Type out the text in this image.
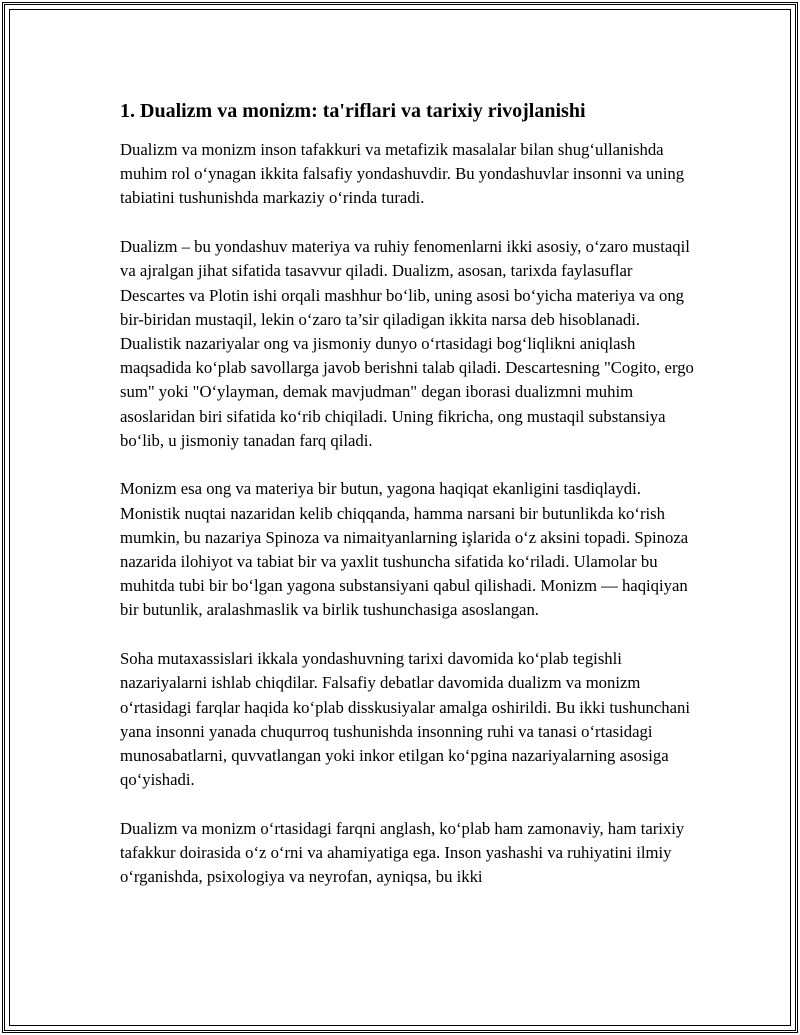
1. Dualizm va monizm: ta'riflari va tarixiy rivojlanishi

Dualizm va monizm inson tafakkuri va metafizik masalalar bilan shug‘ullanishda muhim rol o‘ynagan ikkita falsafiy yondashuvdir. Bu yondashuvlar insonni va uning tabiatini tushunishda markaziy o‘rinda turadi.

Dualizm – bu yondashuv materiya va ruhiy fenomenlarni ikki asosiy, o‘zaro mustaqil va ajralgan jihat sifatida tasavvur qiladi. Dualizm, asosan, tarixda faylasuflar Descartes va Plotin ishi orqali mashhur bo‘lib, uning asosi bo‘yicha materiya va ong bir-biridan mustaqil, lekin o‘zaro ta’sir qiladigan ikkita narsa deb hisoblanadi. Dualistik nazariyalar ong va jismoniy dunyo o‘rtasidagi bog‘liqlikni aniqlash maqsadida ko‘plab savollarga javob berishni talab qiladi. Descartesning "Cogito, ergo sum" yoki "O‘ylayman, demak mavjudman" degan iborasi dualizmni muhim asoslaridan biri sifatida ko‘rib chiqiladi. Uning fikricha, ong mustaqil substansiya bo‘lib, u jismoniy tanadan farq qiladi.

Monizm esa ong va materiya bir butun, yagona haqiqat ekanligini tasdiqlaydi. Monistik nuqtai nazaridan kelib chiqqanda, hamma narsani bir butunlikda ko‘rish mumkin, bu nazariya Spinoza va nimaityanlarning işlarida o‘z aksini topadi. Spinoza nazarida ilohiyot va tabiat bir va yaxlit tushuncha sifatida ko‘riladi. Ulamolar bu muhitda tubi bir bo‘lgan yagona substansiyani qabul qilishadi. Monizm — haqiqiyan bir butunlik, aralashmaslik va birlik tushunchasiga asoslangan.

Soha mutaxassislari ikkala yondashuvning tarixi davomida ko‘plab tegishli nazariyalarni ishlab chiqdilar. Falsafiy debatlar davomida dualizm va monizm o‘rtasidagi farqlar haqida ko‘plab disskusiyalar amalga oshirildi. Bu ikki tushunchani yana insonni yanada chuqurroq tushunishda insonning ruhi va tanasi o‘rtasidagi munosabatlarni, quvvatlangan yoki inkor etilgan ko‘pgina nazariyalarning asosiga qo‘yishadi.

Dualizm va monizm o‘rtasidagi farqni anglash, ko‘plab ham zamonaviy, ham tarixiy tafakkur doirasida o‘z o‘rni va ahamiyatiga ega. Inson yashashi va ruhiyatini ilmiy o‘rganishda, psixologiya va neyrofan, ayniqsa, bu ikki
